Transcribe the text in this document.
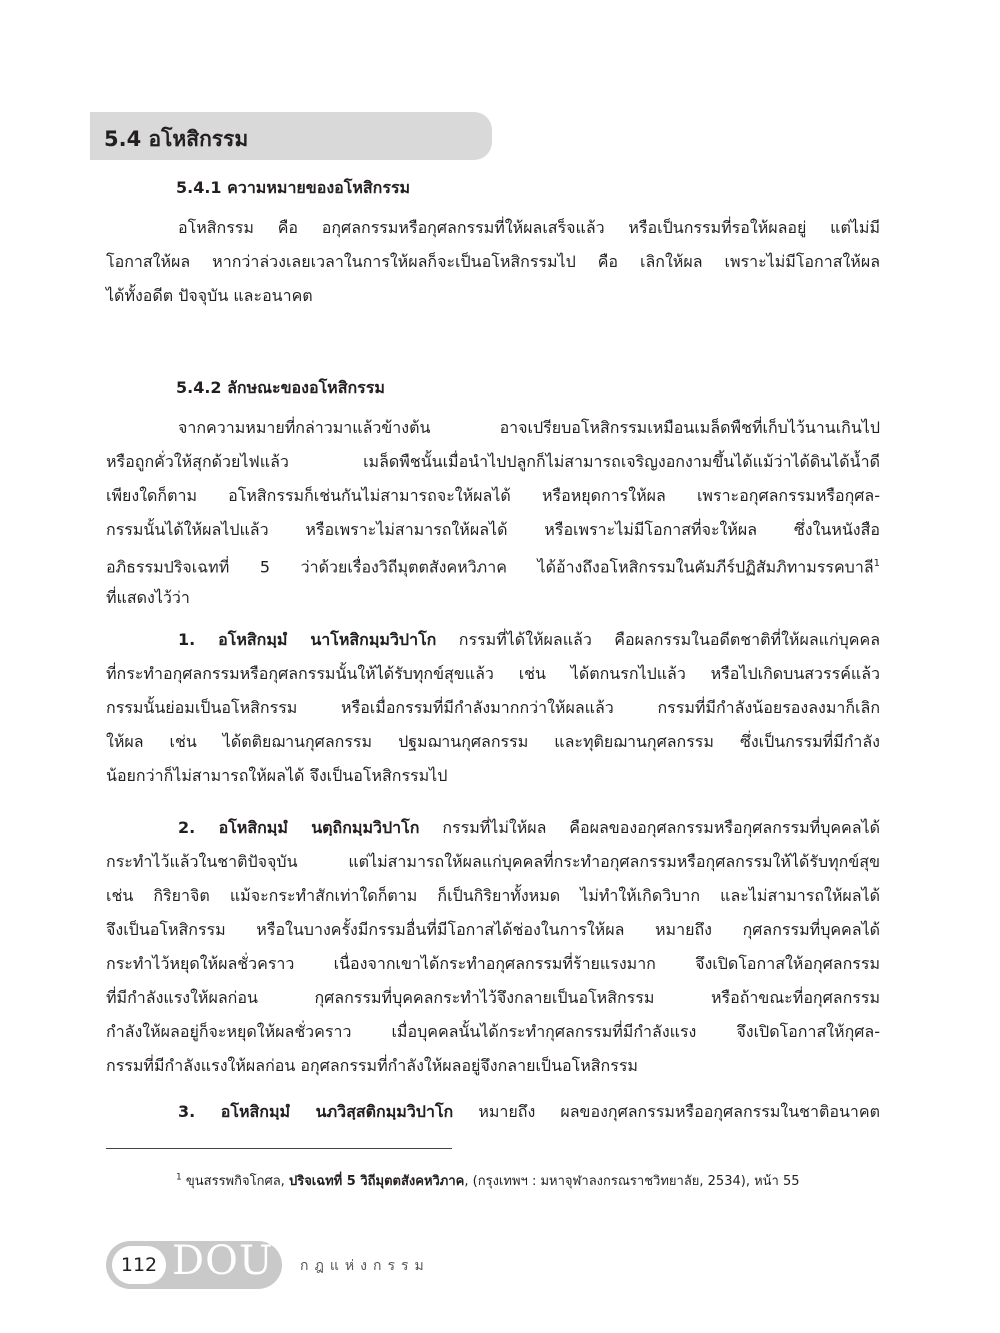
5.4 อโหสิกรรม
5.4.1 ความหมายของอโหสิกรรม
อโหสิกรรม คือ อกุศลกรรมหรือกุศลกรรมที่ให้ผลเสร็จแล้ว หรือเป็นกรรมที่รอให้ผลอยู่ แต่ไม่มี
โอกาสให้ผล หากว่าล่วงเลยเวลาในการให้ผลก็จะเป็นอโหสิกรรมไป คือ เลิกให้ผล เพราะไม่มีโอกาสให้ผล
ได้ทั้งอดีต ปัจจุบัน และอนาคต
5.4.2 ลักษณะของอโหสิกรรม
จากความหมายที่กล่าวมาแล้วข้างต้น อาจเปรียบอโหสิกรรมเหมือนเมล็ดพืชที่เก็บไว้นานเกินไป
หรือถูกคั่วให้สุกด้วยไฟแล้ว เมล็ดพืชนั้นเมื่อนำไปปลูกก็ไม่สามารถเจริญงอกงามขึ้นได้แม้ว่าได้ดินได้น้ำดี
เพียงใดก็ตาม อโหสิกรรมก็เช่นกันไม่สามารถจะให้ผลได้ หรือหยุดการให้ผล เพราะอกุศลกรรมหรือกุศล-
กรรมนั้นได้ให้ผลไปแล้ว หรือเพราะไม่สามารถให้ผลได้ หรือเพราะไม่มีโอกาสที่จะให้ผล ซึ่งในหนังสือ
อภิธรรมปริจเฉทที่ 5 ว่าด้วยเรื่องวิถีมุตตสังคหวิภาค ได้อ้างถึงอโหสิกรรมในคัมภีร์ปฏิสัมภิทามรรคบาลี$^1$
ที่แสดงไว้ว่า
1. อโหสิกมฺมํ นาโหสิกมฺมวิปาโก กรรมที่ได้ให้ผลแล้ว คือผลกรรมในอดีตชาติที่ให้ผลแก่บุคคล
ที่กระทำอกุศลกรรมหรือกุศลกรรมนั้นให้ได้รับทุกข์สุขแล้ว เช่น ได้ตกนรกไปแล้ว หรือไปเกิดบนสวรรค์แล้ว
กรรมนั้นย่อมเป็นอโหสิกรรม หรือเมื่อกรรมที่มีกำลังมากกว่าให้ผลแล้ว กรรมที่มีกำลังน้อยรองลงมาก็เลิก
ให้ผล เช่น ได้ตติยฌานกุศลกรรม ปฐมฌานกุศลกรรม และทุติยฌานกุศลกรรม ซึ่งเป็นกรรมที่มีกำลัง
น้อยกว่าก็ไม่สามารถให้ผลได้ จึงเป็นอโหสิกรรมไป
2. อโหสิกมฺมํ นตฺถิกมฺมวิปาโก กรรมที่ไม่ให้ผล คือผลของอกุศลกรรมหรือกุศลกรรมที่บุคคลได้
กระทำไว้แล้วในชาติปัจจุบัน แต่ไม่สามารถให้ผลแก่บุคคลที่กระทำอกุศลกรรมหรือกุศลกรรมให้ได้รับทุกข์สุข
เช่น กิริยาจิต แม้จะกระทำสักเท่าใดก็ตาม ก็เป็นกิริยาทั้งหมด ไม่ทำให้เกิดวิบาก และไม่สามารถให้ผลได้
จึงเป็นอโหสิกรรม หรือในบางครั้งมีกรรมอื่นที่มีโอกาสได้ช่องในการให้ผล หมายถึง กุศลกรรมที่บุคคลได้
กระทำไว้หยุดให้ผลชั่วคราว เนื่องจากเขาได้กระทำอกุศลกรรมที่ร้ายแรงมาก จึงเปิดโอกาสให้อกุศลกรรม
ที่มีกำลังแรงให้ผลก่อน กุศลกรรมที่บุคคลกระทำไว้จึงกลายเป็นอโหสิกรรม หรือถ้าขณะที่อกุศลกรรม
กำลังให้ผลอยู่ก็จะหยุดให้ผลชั่วคราว เมื่อบุคคลนั้นได้กระทำกุศลกรรมที่มีกำลังแรง จึงเปิดโอกาสให้กุศล-
กรรมที่มีกำลังแรงให้ผลก่อน อกุศลกรรมที่กำลังให้ผลอยู่จึงกลายเป็นอโหสิกรรม
3. อโหสิกมฺมํ นภวิสฺสติกมฺมวิปาโก หมายถึง ผลของกุศลกรรมหรืออกุศลกรรมในชาติอนาคต
$^1$ ขุนสรรพกิจโกศล, ปริจเฉทที่ 5 วิถีมุตตสังคหวิภาค, (กรุงเทพฯ : มหาจุฬาลงกรณราชวิทยาลัย, 2534), หน้า 55
112 DOU กฎแห่งกรรม
